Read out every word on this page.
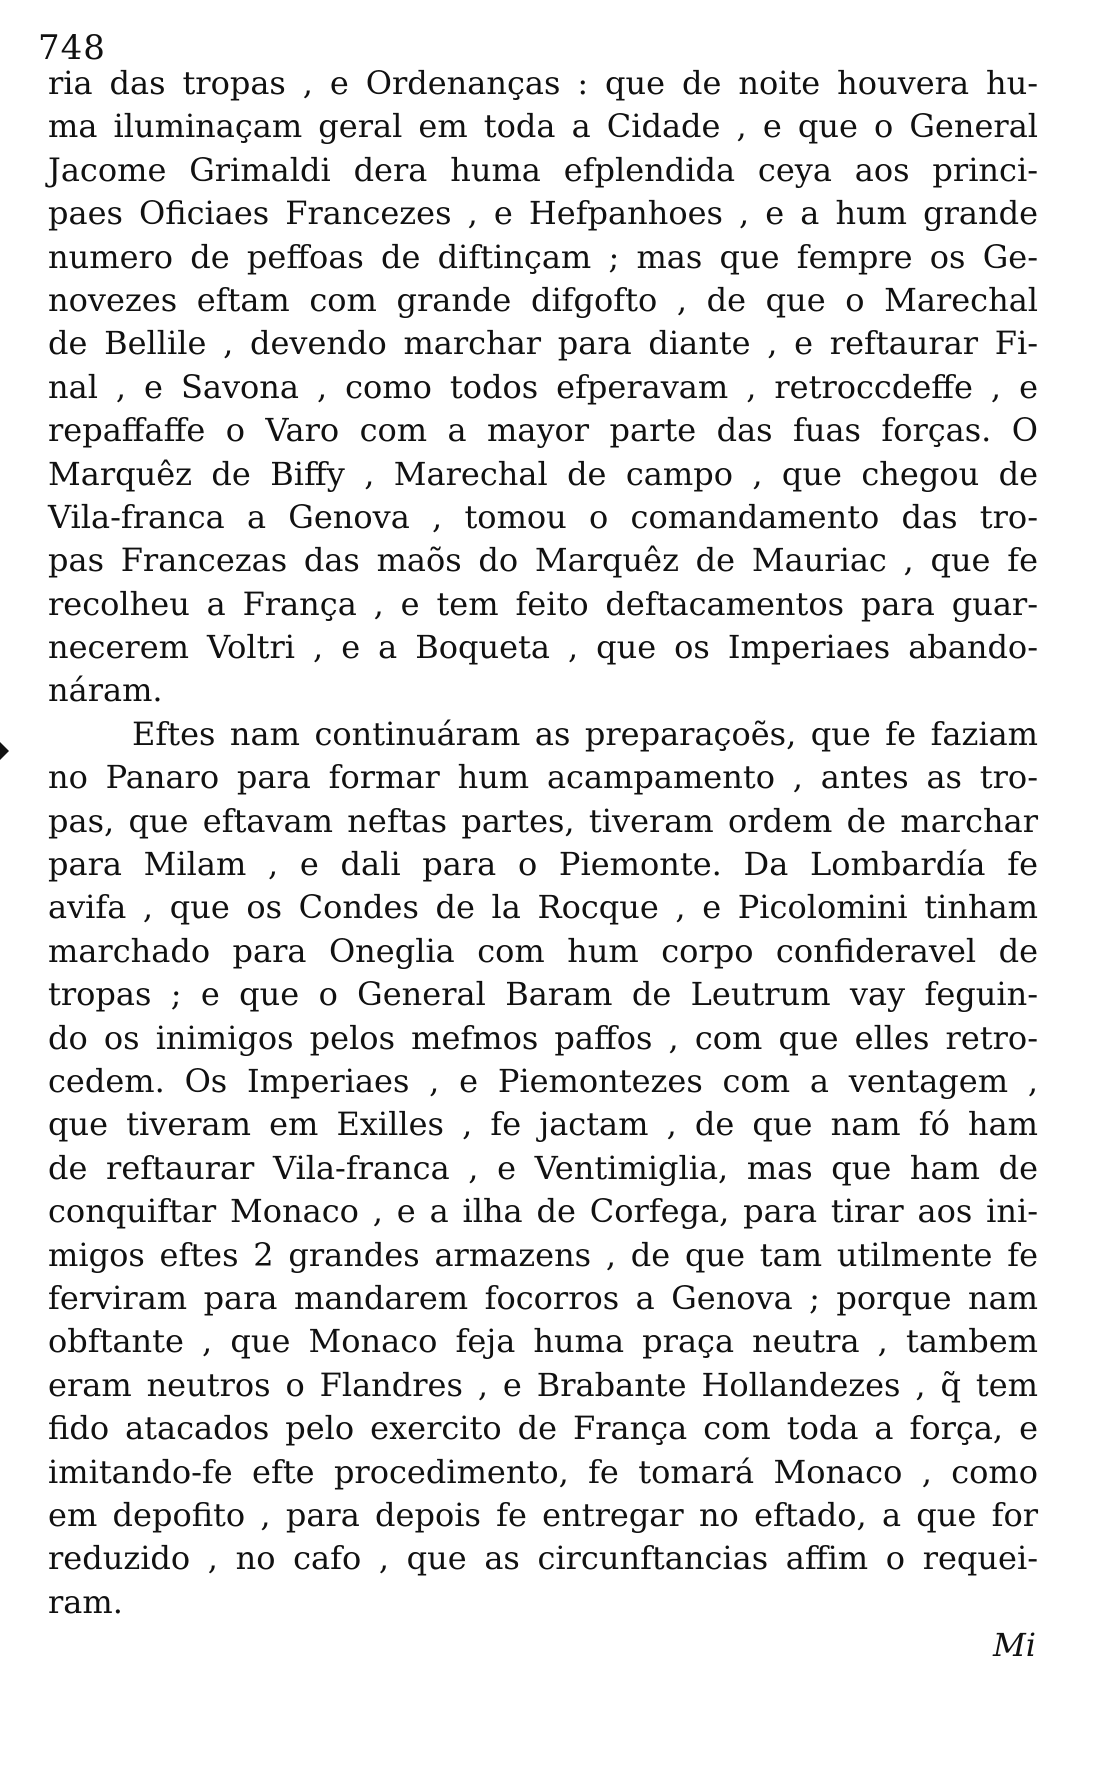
748
ria das tropas , e Ordenanças : que de noite houvera hu-
ma iluminaçam geral em toda a Cidade , e que o General
Jacome Grimaldi dera huma efplendida ceya aos princi-
paes Oficiaes Francezes , e Hefpanhoes , e a hum grande
numero de peffoas de diftinçam ; mas que fempre os Ge-
novezes eftam com grande difgofto , de que o Marechal
de Bellile , devendo marchar para diante , e reftaurar Fi-
nal , e Savona , como todos efperavam , retroccdeffe , e
repaffaffe o Varo com a mayor parte das fuas forças. O
Marquêz de Biffy , Marechal de campo , que chegou de
Vila-franca a Genova , tomou o comandamento das tro-
pas Francezas das maõs do Marquêz de Mauriac , que fe
recolheu a França , e tem feito deftacamentos para guar-
necerem Voltri , e a Boqueta , que os Imperiaes abando-
náram.
Eftes nam continuáram as preparaçoẽs, que fe faziam
no Panaro para formar hum acampamento , antes as tro-
pas, que eftavam neftas partes, tiveram ordem de marchar
para Milam , e dali para o Piemonte. Da Lombardía fe
avifa , que os Condes de la Rocque , e Picolomini tinham
marchado para Oneglia com hum corpo confideravel de
tropas ; e que o General Baram de Leutrum vay feguin-
do os inimigos pelos mefmos paffos , com que elles retro-
cedem. Os Imperiaes , e Piemontezes com a ventagem ,
que tiveram em Exilles , fe jactam , de que nam fó ham
de reftaurar Vila-franca , e Ventimiglia, mas que ham de
conquiftar Monaco , e a ilha de Corfega, para tirar aos ini-
migos eftes 2 grandes armazens , de que tam utilmente fe
ferviram para mandarem focorros a Genova ; porque nam
obftante , que Monaco feja huma praça neutra , tambem
eram neutros o Flandres , e Brabante Hollandezes , q̃ tem
fido atacados pelo exercito de França com toda a força, e
imitando-fe efte procedimento, fe tomará Monaco , como
em depofito , para depois fe entregar no eftado, a que for
reduzido , no cafo , que as circunftancias affim o requei-
ram.
Mi
